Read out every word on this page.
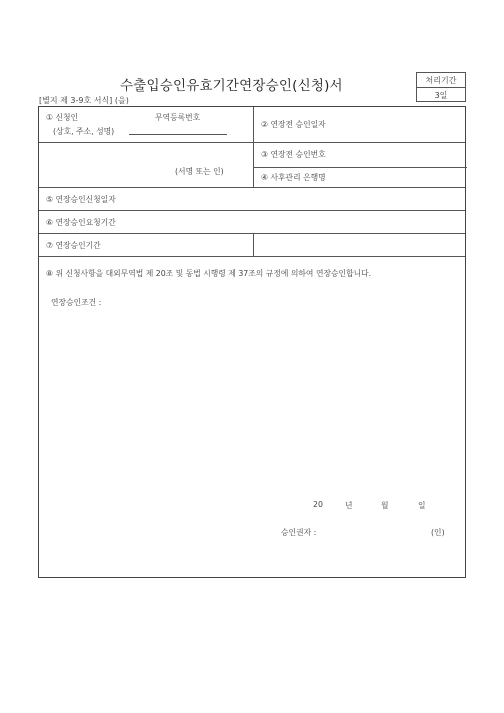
수출입승인유효기간연장승인(신청)서	처리기간
3일
[별지 제 3-9호 서식] (을)
① 신청인	무역등록번호
(상호, 주소, 성명)
② 연장전 승인일자
③ 연장전 승인번호
(서명 또는 인)
④ 사후관리 은행명
⑤ 연장승인신청일자
⑥ 연장승인요청기간
⑦ 연장승인기간
⑧ 위 신청사항을 대외무역법 제 20조 및 동법 시행령 제 37조의 규정에 의하여 연장승인합니다.
연장승인조건 :
20	년	월	일
승인권자 :	(인)
